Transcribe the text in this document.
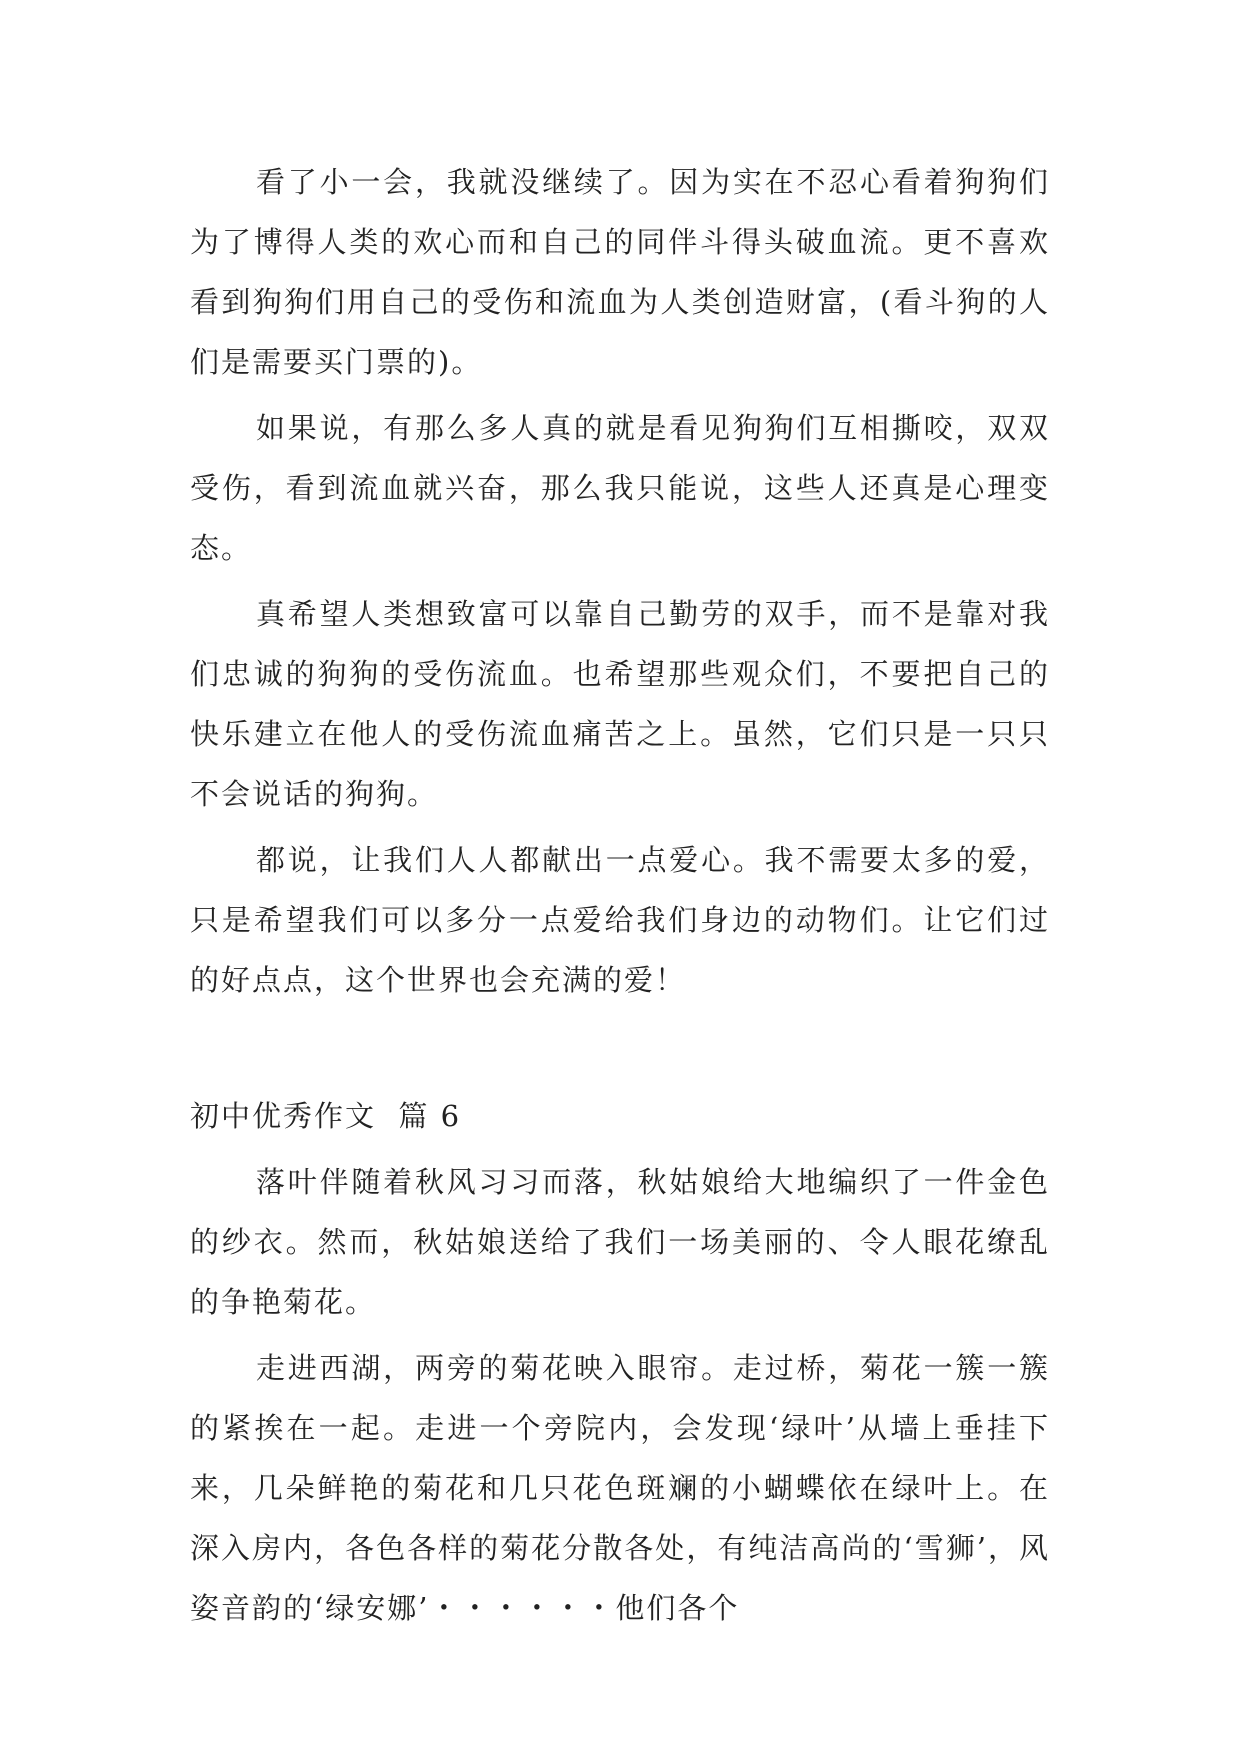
看了小一会，我就没继续了。因为实在不忍心看着狗狗们为了博得人类的欢心而和自己的同伴斗得头破血流。更不喜欢看到狗狗们用自己的受伤和流血为人类创造财富，(看斗狗的人们是需要买门票的)。

如果说，有那么多人真的就是看见狗狗们互相撕咬，双双受伤，看到流血就兴奋，那么我只能说，这些人还真是心理变态。

真希望人类想致富可以靠自己勤劳的双手，而不是靠对我们忠诚的狗狗的受伤流血。也希望那些观众们，不要把自己的快乐建立在他人的受伤流血痛苦之上。虽然，它们只是一只只不会说话的狗狗。

都说，让我们人人都献出一点爱心。我不需要太多的爱，只是希望我们可以多分一点爱给我们身边的动物们。让它们过的好点点，这个世界也会充满的爱！

初中优秀作文  篇 6

落叶伴随着秋风习习而落，秋姑娘给大地编织了一件金色的纱衣。然而，秋姑娘送给了我们一场美丽的、令人眼花缭乱的争艳菊花。

走进西湖，两旁的菊花映入眼帘。走过桥，菊花一簇一簇的紧挨在一起。走进一个旁院内，会发现‘绿叶’从墙上垂挂下来，几朵鲜艳的菊花和几只花色斑斓的小蝴蝶依在绿叶上。在深入房内，各色各样的菊花分散各处，有纯洁高尚的‘雪狮’，风姿音韵的‘绿安娜’・・・・・・他们各个
